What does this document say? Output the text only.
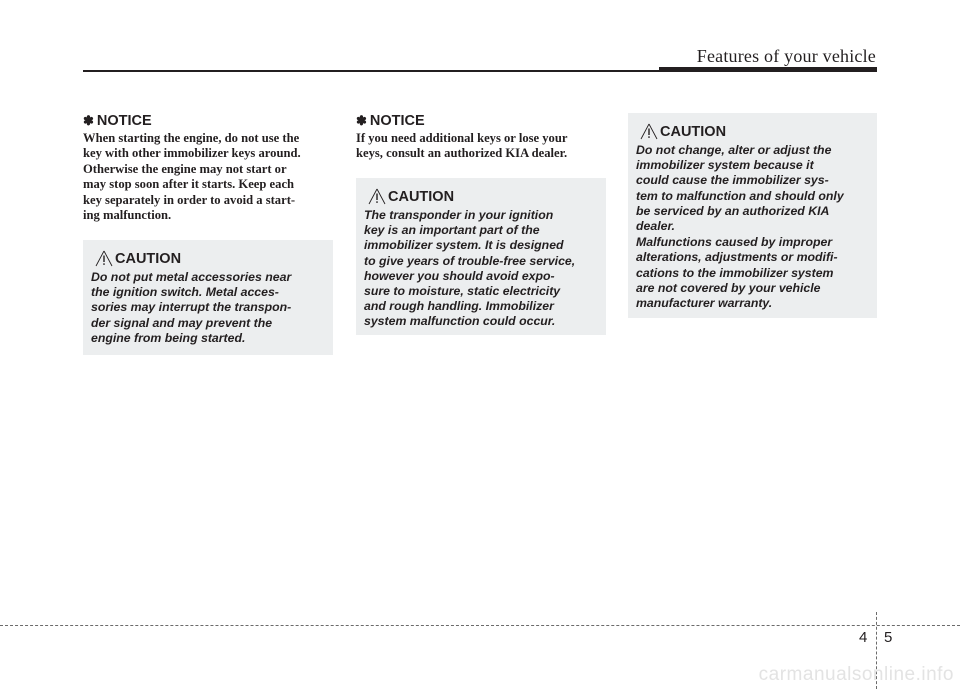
Features of your vehicle
✽ NOTICE
When starting the engine, do not use the
key with other immobilizer keys around.
Otherwise the engine may not start or
may stop soon after it starts. Keep each
key separately in order to avoid a start-
ing malfunction.
CAUTION
Do not put metal accessories near
the ignition switch. Metal acces-
sories may interrupt the transpon-
der signal and may prevent the
engine from being started.
✽ NOTICE
If you need additional keys or lose your
keys, consult an authorized KIA dealer.
CAUTION
The transponder in your ignition
key is an important part of the
immobilizer system. It is designed
to give years of trouble-free service,
however you should avoid expo-
sure to moisture, static electricity
and rough handling. Immobilizer
system malfunction could occur.
CAUTION
Do not change, alter or adjust the
immobilizer system because it
could cause the immobilizer sys-
tem to malfunction and should only
be serviced by an authorized KIA
dealer.
Malfunctions caused by improper
alterations, adjustments or modifi-
cations to the immobilizer system
are not covered by your vehicle
manufacturer warranty.
4 5
carmanualsonline.info
